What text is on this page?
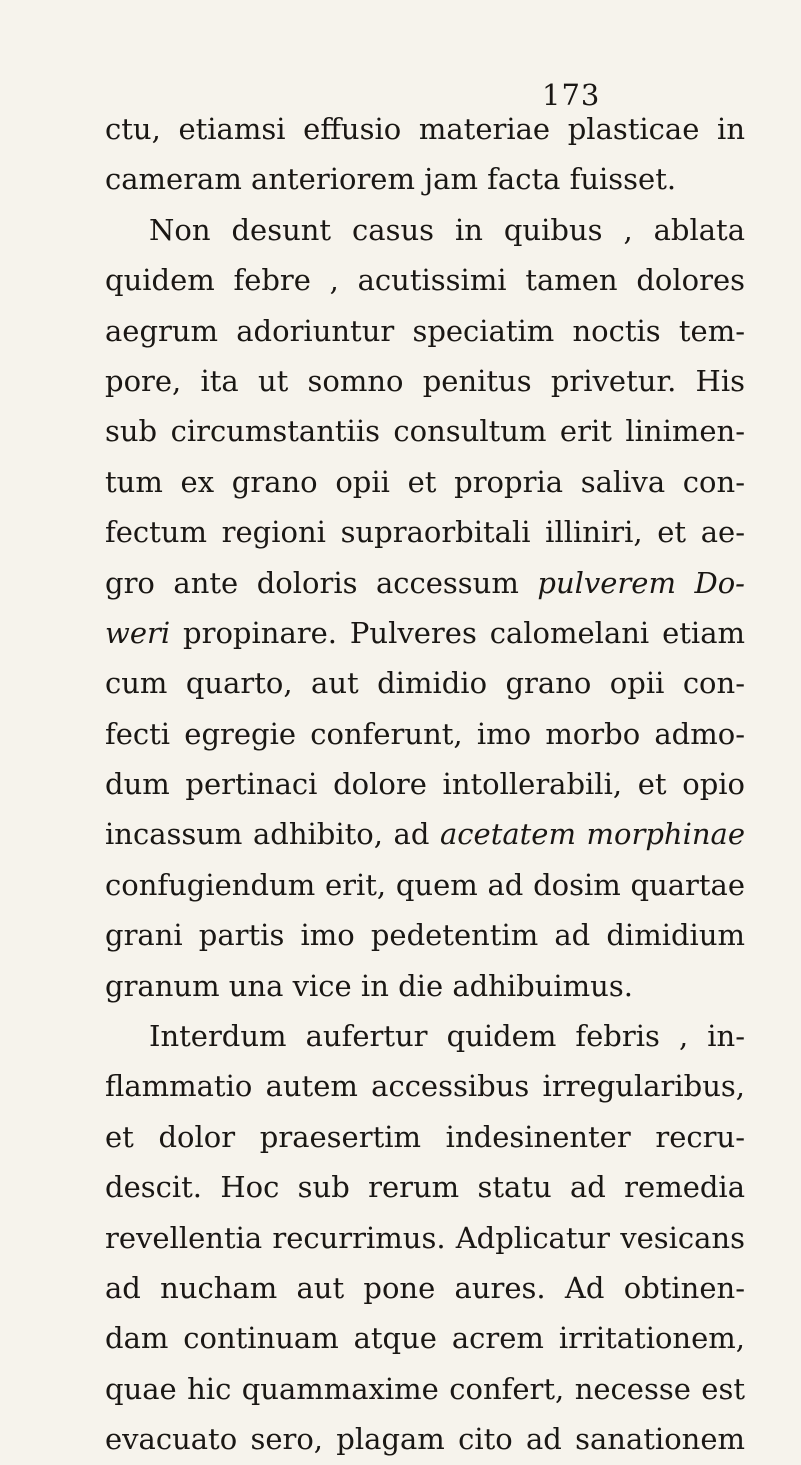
173
ctu, etiamsi effusio materiae plasticae in
cameram anteriorem jam facta fuisset.
Non desunt casus in quibus , ablata
quidem febre , acutissimi tamen dolores
aegrum adoriuntur speciatim noctis tem-
pore, ita ut somno penitus privetur. His
sub circumstantiis consultum erit linimen-
tum ex grano opii et propria saliva con-
fectum regioni supraorbitali illiniri, et ae-
gro ante doloris accessum pulverem Do-
weri propinare. Pulveres calomelani etiam
cum quarto, aut dimidio grano opii con-
fecti egregie conferunt, imo morbo admo-
dum pertinaci dolore intollerabili, et opio
incassum adhibito, ad acetatem morphinae
confugiendum erit, quem ad dosim quartae
grani partis imo pedetentim ad dimidium
granum una vice in die adhibuimus.
Interdum aufertur quidem febris , in-
flammatio autem accessibus irregularibus,
et dolor praesertim indesinenter recru-
descit. Hoc sub rerum statu ad remedia
revellentia recurrimus. Adplicatur vesicans
ad nucham aut pone aures. Ad obtinen-
dam continuam atque acrem irritationem,
quae hic quammaxime confert, necesse est
evacuato sero, plagam cito ad sanationem
